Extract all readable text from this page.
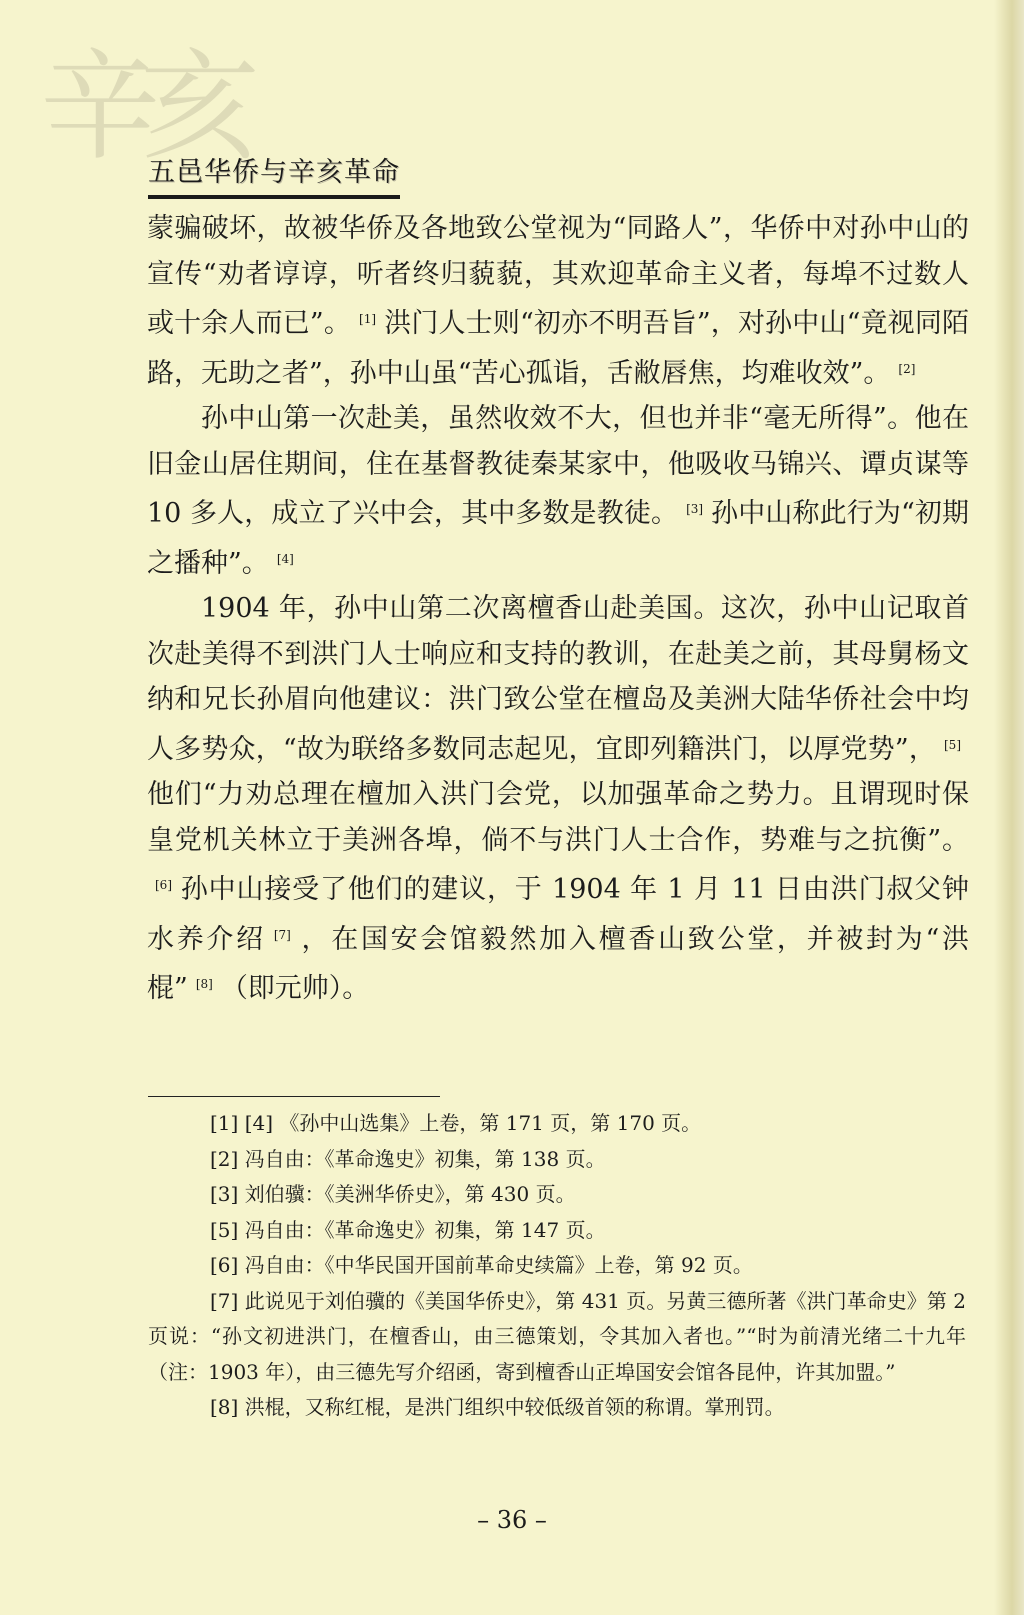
辛亥
五邑华侨与辛亥革命

蒙骗破坏，故被华侨及各地致公堂视为“同路人”，华侨中对孙中山的宣传“劝者谆谆，听者终归藐藐，其欢迎革命主义者，每埠不过数人或十余人而已”。 [1] 洪门人士则“初亦不明吾旨”，对孙中山“竟视同陌路，无助之者”，孙中山虽“苦心孤诣，舌敝唇焦，均难收效”。 [2]

孙中山第一次赴美，虽然收效不大，但也并非“毫无所得”。他在旧金山居住期间，住在基督教徒秦某家中，他吸收马锦兴、谭贞谋等 10 多人，成立了兴中会，其中多数是教徒。 [3] 孙中山称此行为“初期之播种”。 [4]

1904 年，孙中山第二次离檀香山赴美国。这次，孙中山记取首次赴美得不到洪门人士响应和支持的教训，在赴美之前，其母舅杨文纳和兄长孙眉向他建议：洪门致公堂在檀岛及美洲大陆华侨社会中均人多势众，“故为联络多数同志起见，宜即列籍洪门，以厚党势”， [5]他们“力劝总理在檀加入洪门会党，以加强革命之势力。且谓现时保皇党机关林立于美洲各埠，倘不与洪门人士合作，势难与之抗衡”。[6] 孙中山接受了他们的建议，于 1904 年 1 月 11 日由洪门叔父钟水养介绍 [7] ，在国安会馆毅然加入檀香山致公堂，并被封为“洪棍” [8] （即元帅）。

[1] [4] 《孙中山选集》上卷，第 171 页，第 170 页。

[2] 冯自由：《革命逸史》初集，第 138 页。

[3] 刘伯骥：《美洲华侨史》，第 430 页。

[5] 冯自由：《革命逸史》初集，第 147 页。

[6] 冯自由：《中华民国开国前革命史续篇》上卷，第 92 页。

[7] 此说见于刘伯骥的《美国华侨史》，第 431 页。另黄三德所著《洪门革命史》第 2 页说：“孙文初进洪门，在檀香山，由三德策划，令其加入者也。”“时为前清光绪二十九年（注：1903 年），由三德先写介绍函，寄到檀香山正埠国安会馆各昆仲，许其加盟。”

[8] 洪棍，又称红棍，是洪门组织中较低级首领的称谓。掌刑罚。

– 36 –
